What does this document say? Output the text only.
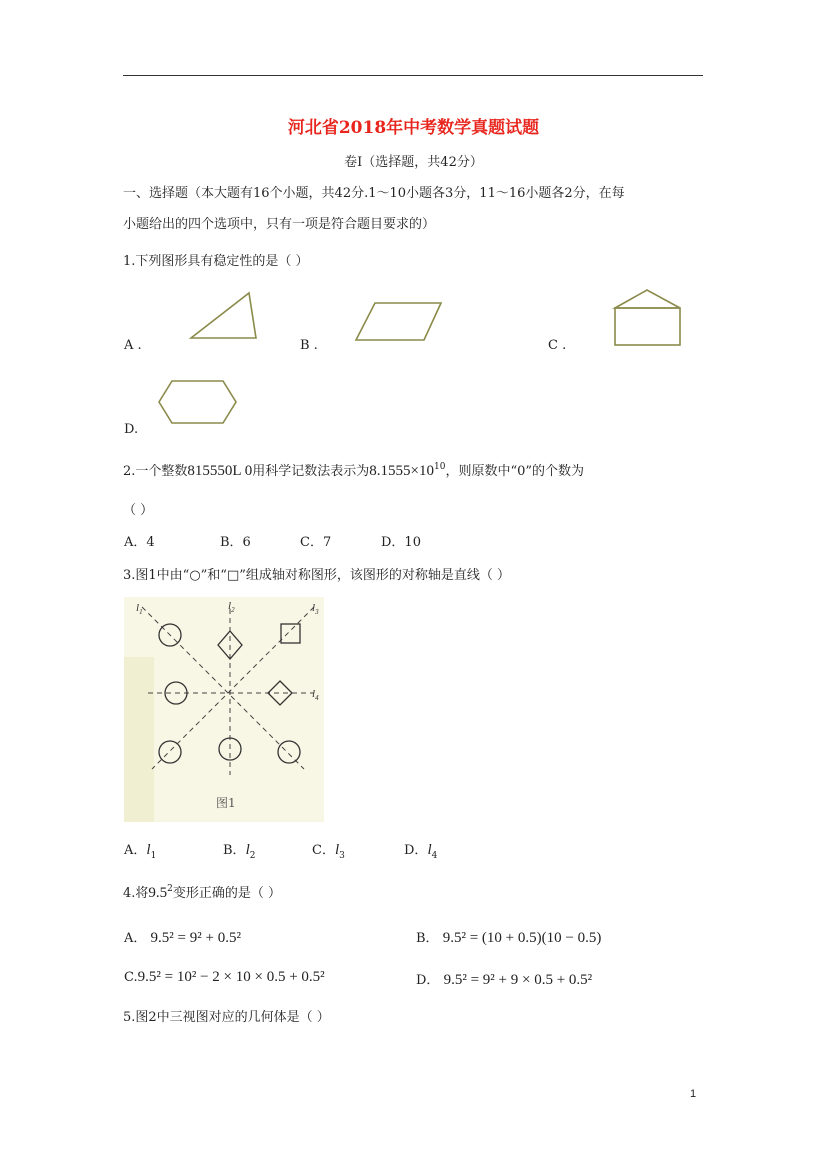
河北省2018年中考数学真题试题
卷Ⅰ（选择题，共42分）
一、选择题（本大题有16个小题，共42分.1～10小题各3分，11～16小题各2分，在每
小题给出的四个选项中，只有一项是符合题目要求的）
1.下列图形具有稳定性的是（ ）
A .	B .	C .
D.
2.一个整数815550L 0用科学记数法表示为$8.1555\times 10^{10}$，则原数中“0”的个数为
（ ）
A．4	B．6	C．7	D．10
3.图1中由“○”和“□”组成轴对称图形，该图形的对称轴是直线（ ）
$l_1$	$l_2$	$l_3$
$l_4$
图1
A．$l_1$	B．$l_2$	C．$l_3$	D．$l_4$
4.将$9.5^2$变形正确的是（ ）
A． 9.5² = 9² + 0.5²	B． 9.5² = (10 + 0.5)(10 − 0.5)
C.9.5² = 10² − 2 × 10 × 0.5 + 0.5²	D． 9.5² = 9² + 9 × 0.5 + 0.5²
5.图2中三视图对应的几何体是（ ）
1
